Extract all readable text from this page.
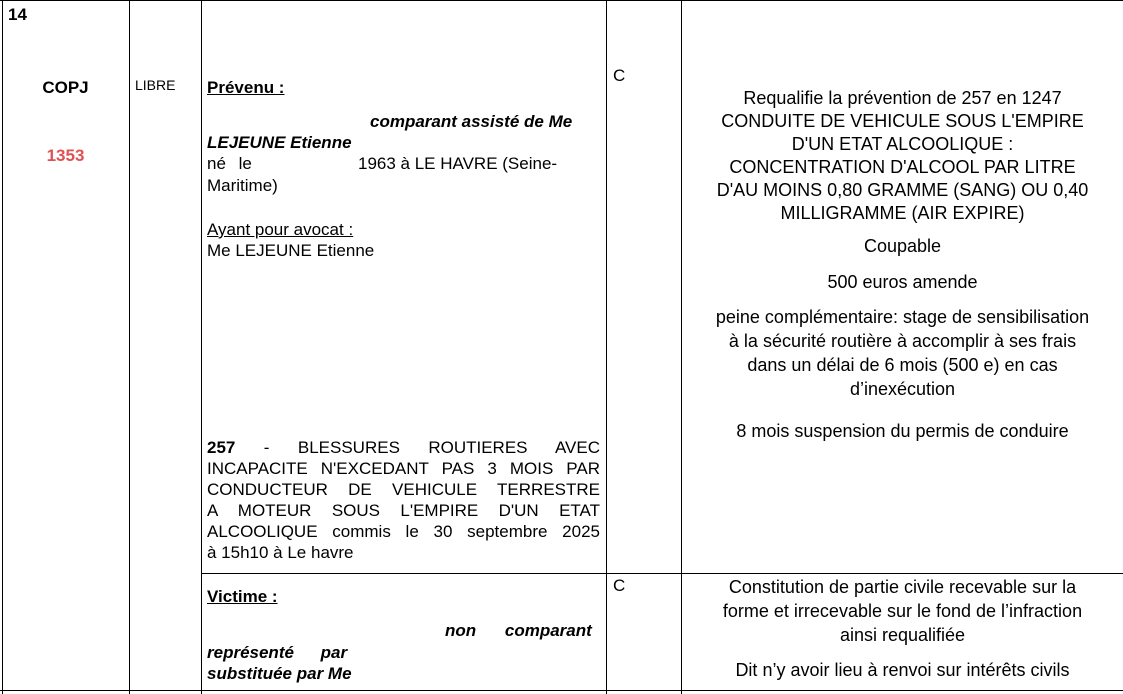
14
COPJ
1353
LIBRE Prévenu :
comparant assisté de Me
LEJEUNE Etienne
né le	1963 à LE HAVRE (Seine-
Maritime)
Ayant pour avocat :
Me LEJEUNE Etienne
257 - BLESSURES ROUTIERES AVEC
INCAPACITE N'EXCEDANT PAS 3 MOIS PAR
CONDUCTEUR DE VEHICULE TERRESTRE
A MOTEUR SOUS L'EMPIRE D'UN ETAT
ALCOOLIQUE commis le 30 septembre 2025
à 15h10 à Le havre
Victime :
non comparant
représenté par
substituée par Me
C
C
Requalifie la prévention de 257 en 1247
CONDUITE DE VEHICULE SOUS L'EMPIRE
D'UN ETAT ALCOOLIQUE :
CONCENTRATION D'ALCOOL PAR LITRE
D'AU MOINS 0,80 GRAMME (SANG) OU 0,40
MILLIGRAMME (AIR EXPIRE)
Coupable
500 euros amende
peine complémentaire: stage de sensibilisation
à la sécurité routière à accomplir à ses frais
dans un délai de 6 mois (500 e) en cas
d’inexécution
8 mois suspension du permis de conduire
Constitution de partie civile recevable sur la
forme et irrecevable sur le fond de l’infraction
ainsi requalifiée
Dit n’y avoir lieu à renvoi sur intérêts civils
